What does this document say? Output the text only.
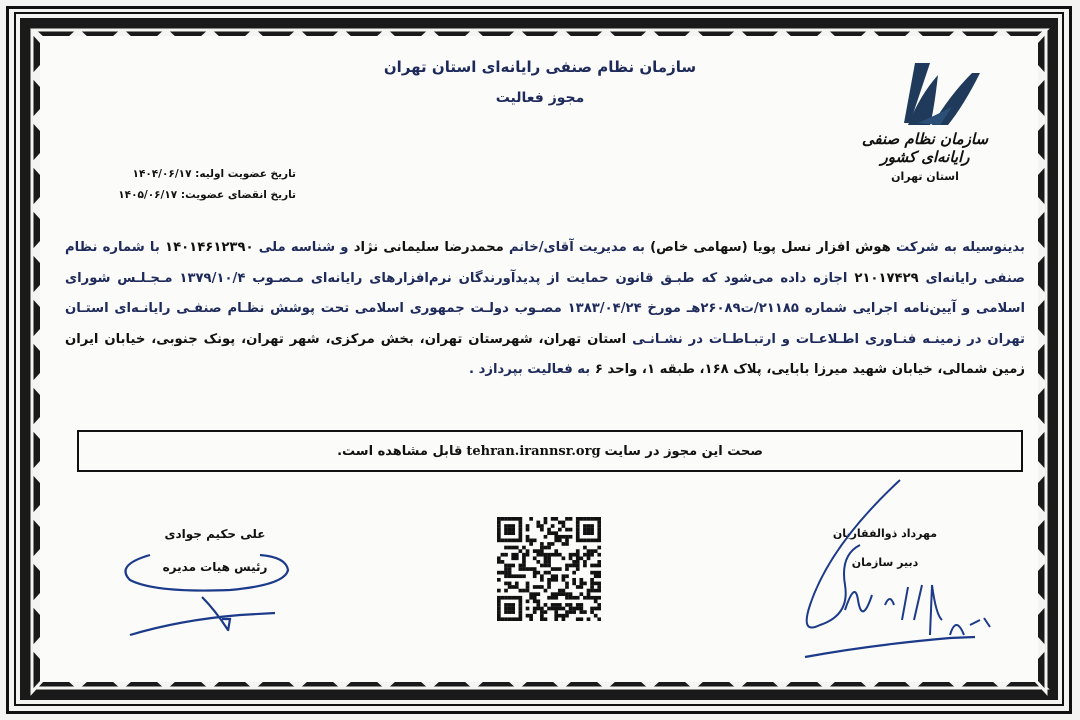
سازمان نظام صنفی رایانه‌ای استان تهران
مجوز فعالیت
سازمان نظام صنفی رایانه‌ای کشور
استان تهران
تاریخ عضویت اولیه: ۱۴۰۴/۰۶/۱۷
تاریخ انقضای عضویت: ۱۴۰۵/۰۶/۱۷
بدینوسیله به شرکت هوش افزار نسل پویا (سهامی خاص) به مدیریت آقای/خانم محمدرضا سلیمانی نژاد و شناسه ملی ۱۴۰۱۴۶۱۲۳۹۰ با شماره نظام صنفی رایانه‌ای ۲۱۰۱۷۴۲۹ اجازه داده می‌شود که طبـق قانون حمایت از پدیدآورندگان نرم‌افزارهای رایانه‌ای مـصـوب ۱۳۷۹/۱۰/۴ مـجـلـس شورای اسلامی و آیین‌نامه اجرایی شماره ۲۱۱۸۵/ت۲۶۰۸۹هـ مورخ ۱۳۸۳/۰۴/۲۴ مصـوب دولـت جمهوری اسلامی تحت پوشش نظـام صنفـی رایانـه‌ای استـان تهران در زمینـه فنـاوری اطـلاعـات و ارتبـاطـات در نشـانـی استان تهران، شهرستان تهران، بخش مرکزی، شهر تهران، پونک جنوبی، خیابان ایران زمین شمالی، خیابان شهید میرزا بابایی، پلاک ۱۶۸، طبقه ۱، واحد ۶ به فعالیت بپردازد .
صحت این مجوز در سایت
tehran.irannsr.org
قابل مشاهده است.
علی حکیم جوادی
رئیس هیات مدیره
مهرداد ذوالفقاریان
دبیر سازمان
